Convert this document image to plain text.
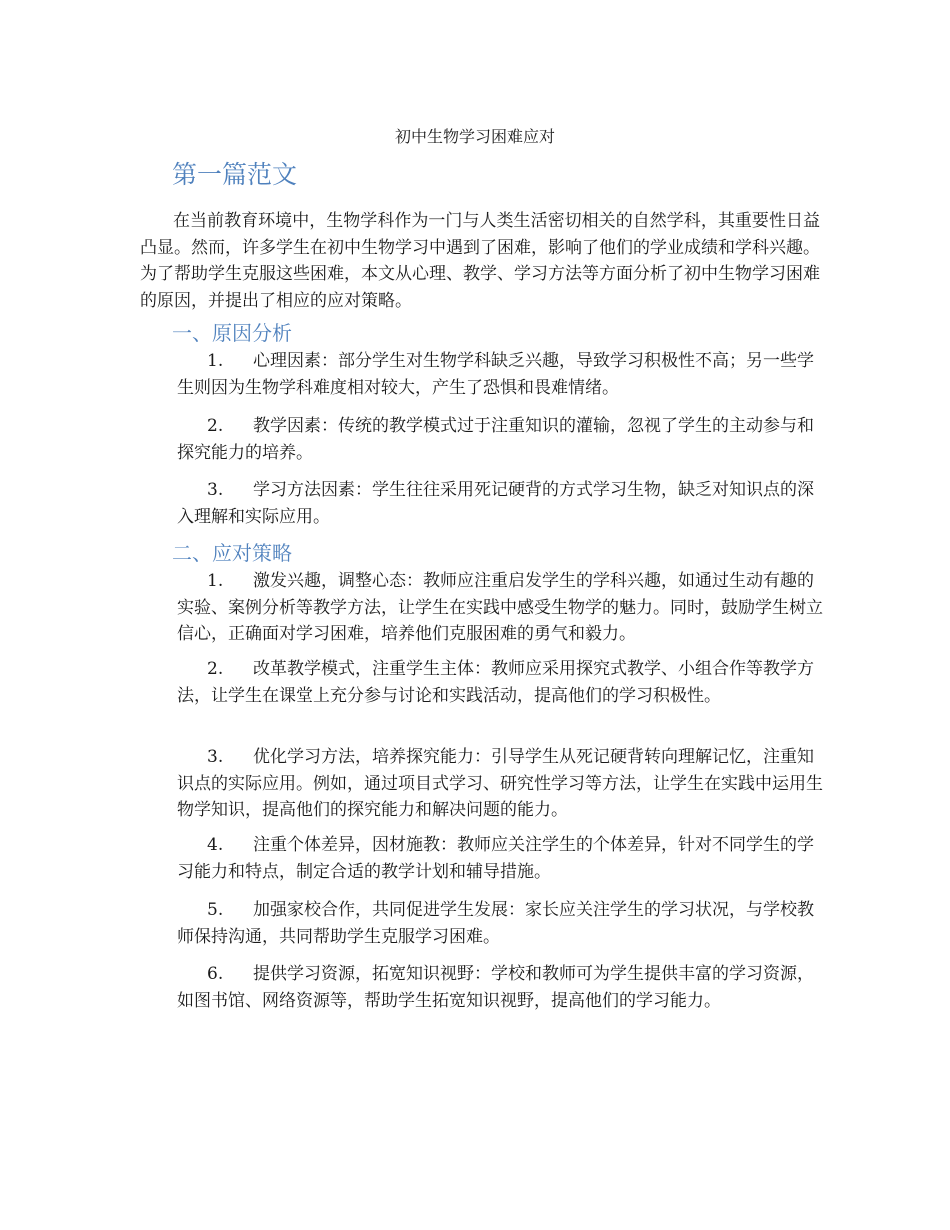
初中生物学习困难应对
第一篇范文

在当前教育环境中，生物学科作为一门与人类生活密切相关的自然学科，其重要性日益凸显。然而，许多学生在初中生物学习中遇到了困难，影响了他们的学业成绩和学科兴趣。为了帮助学生克服这些困难，本文从心理、教学、学习方法等方面分析了初中生物学习困难的原因，并提出了相应的应对策略。

一、原因分析

1. 心理因素：部分学生对生物学科缺乏兴趣，导致学习积极性不高；另一些学生则因为生物学科难度相对较大，产生了恐惧和畏难情绪。

2. 教学因素：传统的教学模式过于注重知识的灌输，忽视了学生的主动参与和探究能力的培养。

3. 学习方法因素：学生往往采用死记硬背的方式学习生物，缺乏对知识点的深入理解和实际应用。

二、应对策略

1. 激发兴趣，调整心态：教师应注重启发学生的学科兴趣，如通过生动有趣的实验、案例分析等教学方法，让学生在实践中感受生物学的魅力。同时，鼓励学生树立信心，正确面对学习困难，培养他们克服困难的勇气和毅力。

2. 改革教学模式，注重学生主体：教师应采用探究式教学、小组合作等教学方法，让学生在课堂上充分参与讨论和实践活动，提高他们的学习积极性。

3. 优化学习方法，培养探究能力：引导学生从死记硬背转向理解记忆，注重知识点的实际应用。例如，通过项目式学习、研究性学习等方法，让学生在实践中运用生物学知识，提高他们的探究能力和解决问题的能力。

4. 注重个体差异，因材施教：教师应关注学生的个体差异，针对不同学生的学习能力和特点，制定合适的教学计划和辅导措施。

5. 加强家校合作，共同促进学生发展：家长应关注学生的学习状况，与学校教师保持沟通，共同帮助学生克服学习困难。

6. 提供学习资源，拓宽知识视野：学校和教师可为学生提供丰富的学习资源，如图书馆、网络资源等，帮助学生拓宽知识视野，提高他们的学习能力。
